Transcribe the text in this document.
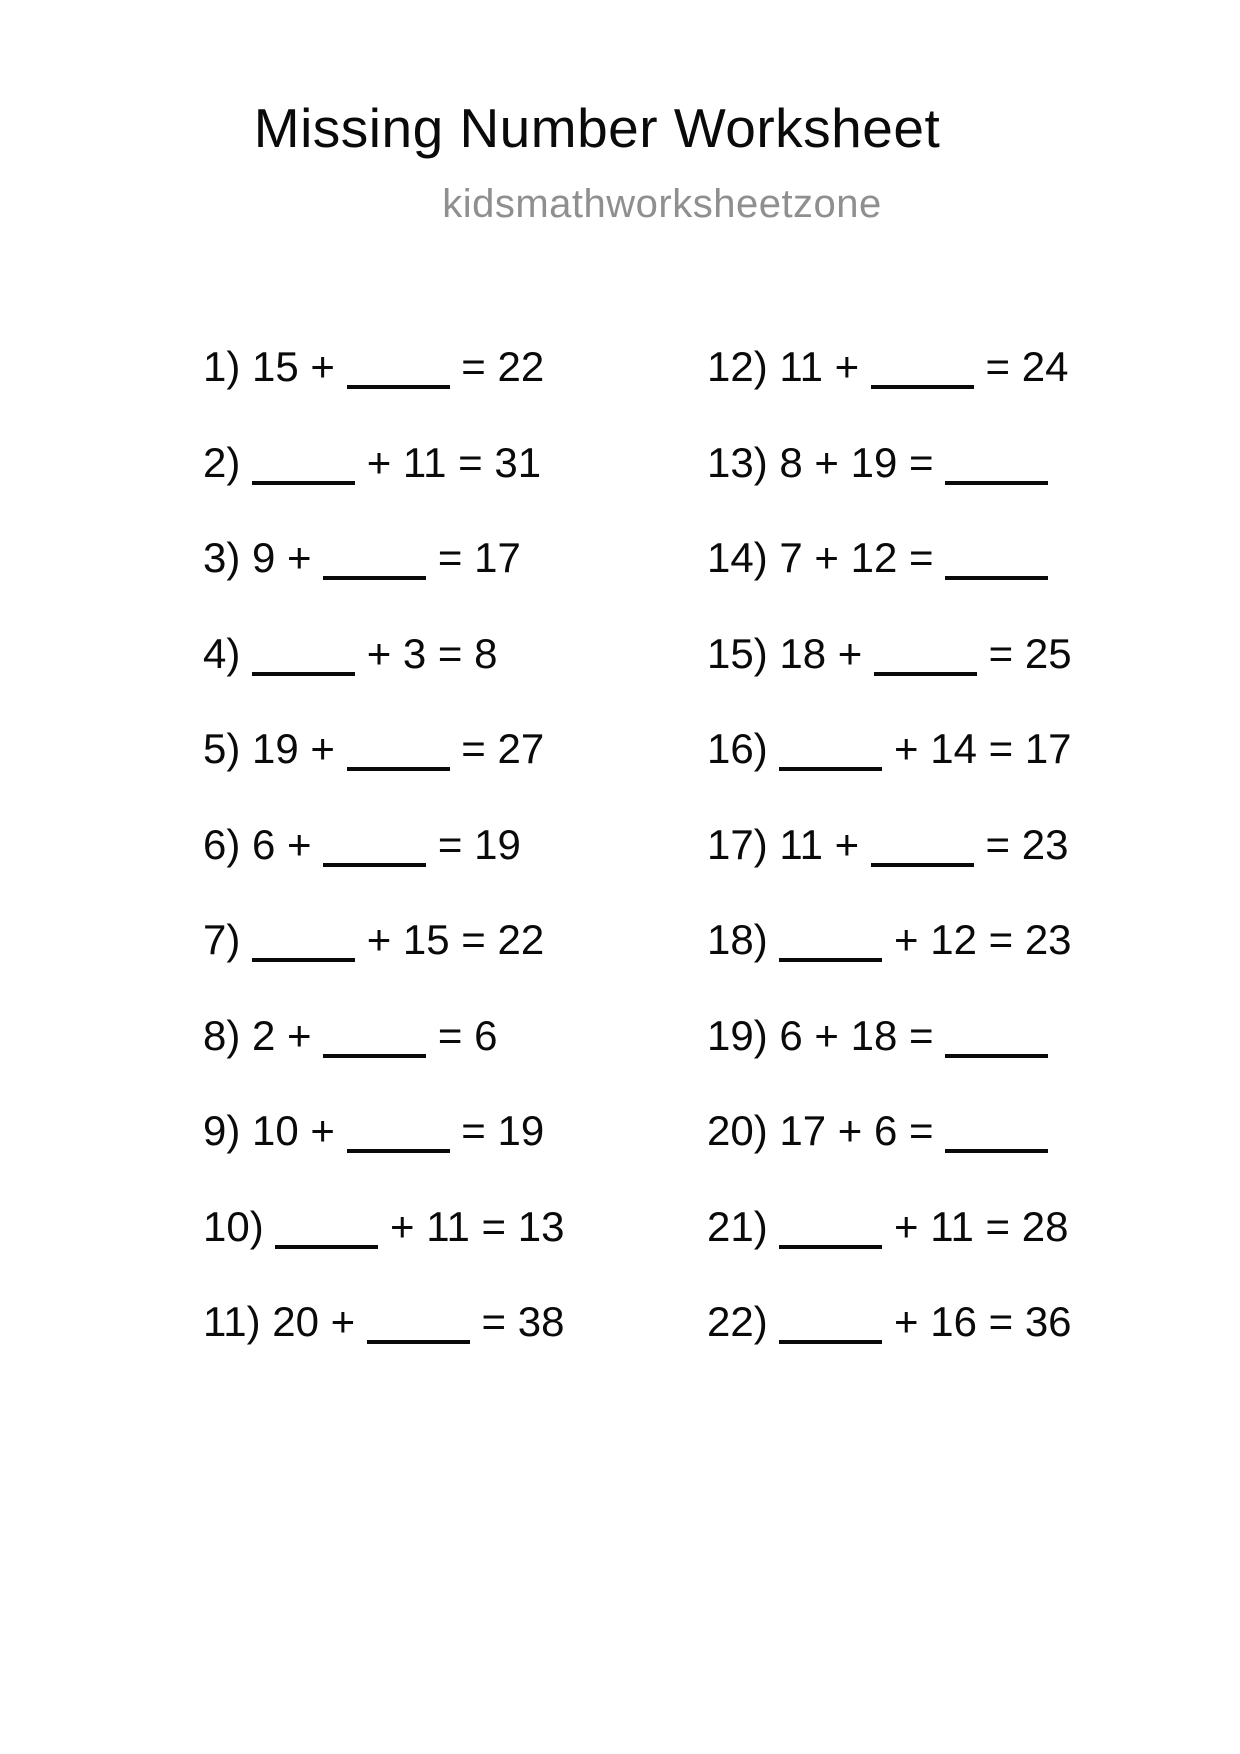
Missing Number Worksheet
kidsmathworksheetzone
1) 15 +  = 22
2)	+ 11 = 31
3) 9 +  = 17
4)	+ 3 = 8
5) 19 +  = 27
6) 6 +  = 19
7)	+ 15 = 22
8) 2 +  = 6
9) 10 +  = 19
10)	+ 11 = 13
11) 20 +  = 38
12) 11 +  = 24
13) 8 + 19 =
14) 7 + 12 =
15) 18 +  = 25
16)	+ 14 = 17
17) 11 +  = 23
18)	+ 12 = 23
19) 6 + 18 =
20) 17 + 6 =
21)	+ 11 = 28
22)	+ 16 = 36
